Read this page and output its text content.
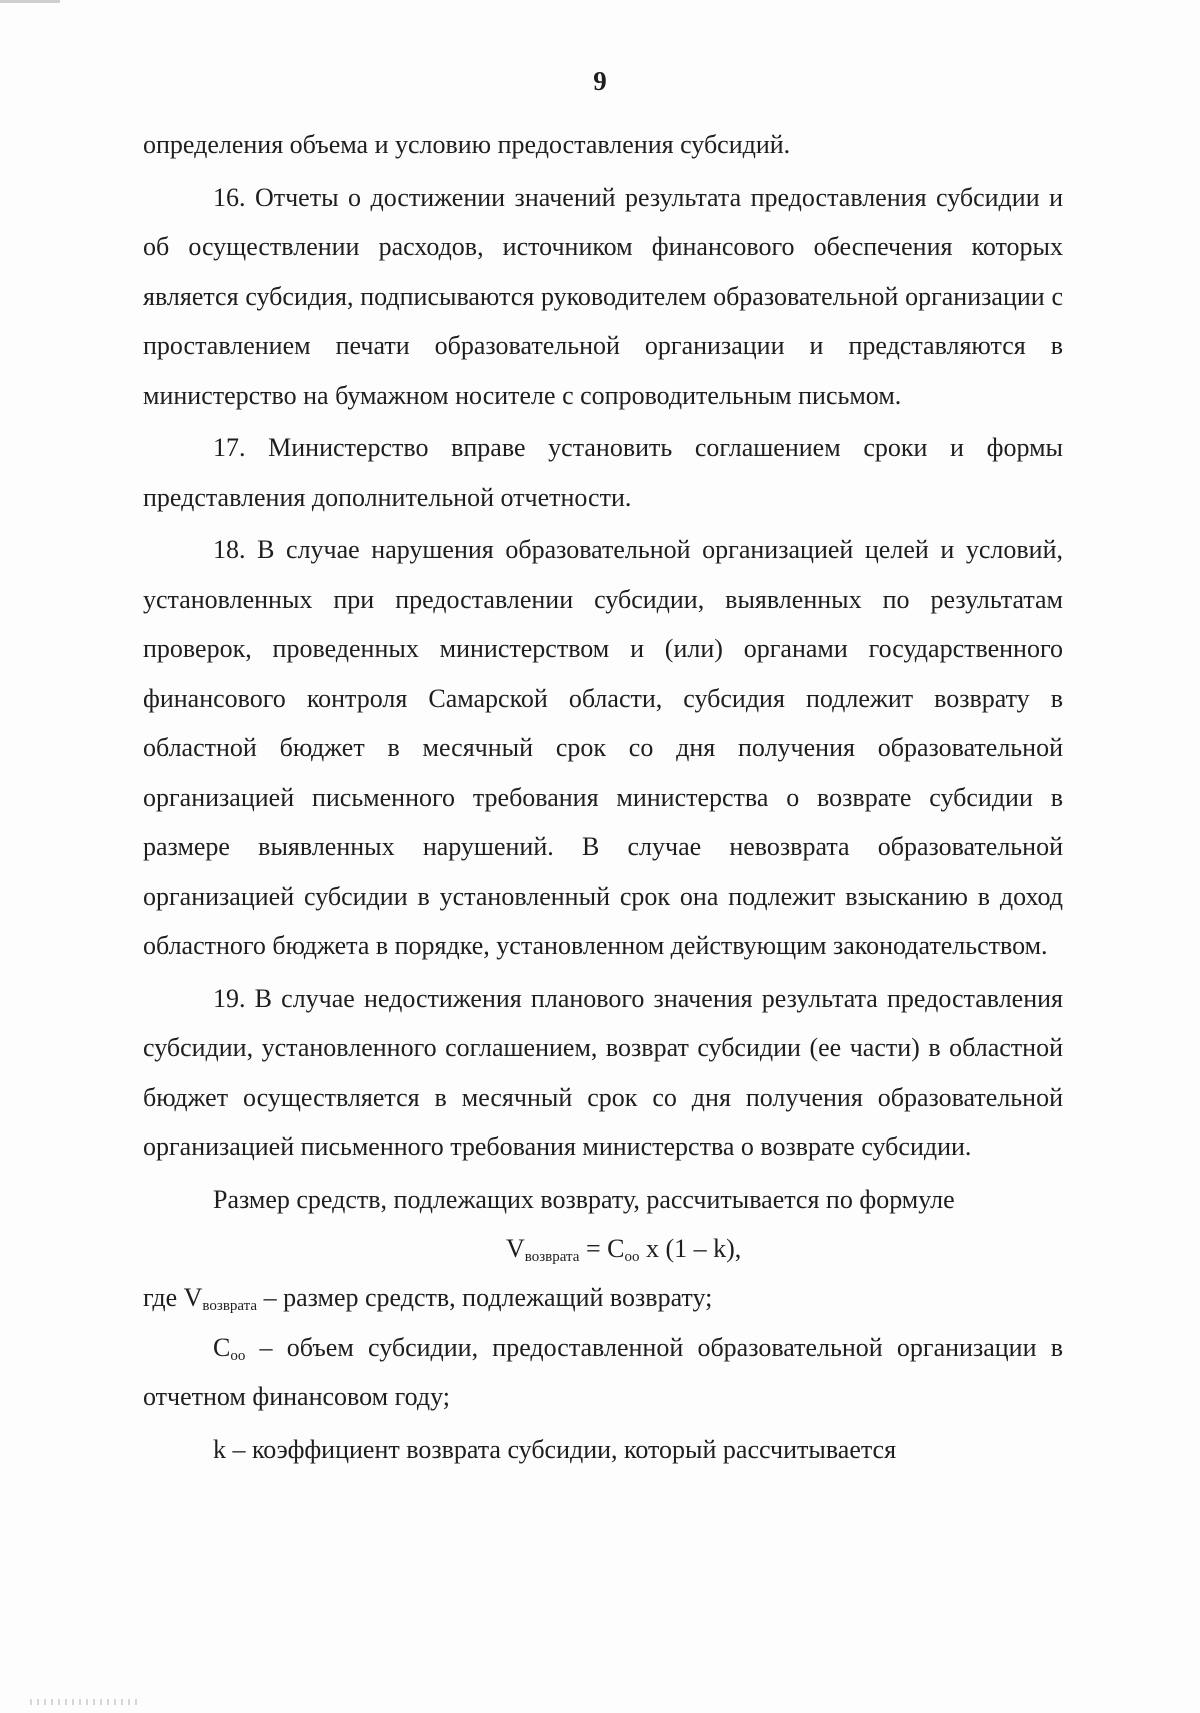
9

определения объема и условию предоставления субсидий.

16. Отчеты о достижении значений результата предоставления субсидии и об осуществлении расходов, источником финансового обеспечения которых является субсидия, подписываются руководителем образовательной организации с проставлением печати образовательной организации и представляются в министерство на бумажном носителе с сопроводительным письмом.

17. Министерство вправе установить соглашением сроки и формы представления дополнительной отчетности.

18. В случае нарушения образовательной организацией целей и условий, установленных при предоставлении субсидии, выявленных по результатам проверок, проведенных министерством и (или) органами государственного финансового контроля Самарской области, субсидия подлежит возврату в областной бюджет в месячный срок со дня получения образовательной организацией письменного требования министерства о возврате субсидии в размере выявленных нарушений. В случае невозврата образовательной организацией субсидии в установленный срок она подлежит взысканию в доход областного бюджета в порядке, установленном действующим законодательством.

19. В случае недостижения планового значения результата предоставления субсидии, установленного соглашением, возврат субсидии (ее части) в областной бюджет осуществляется в месячный срок со дня получения образовательной организацией письменного требования министерства о возврате субсидии.

Размер средств, подлежащих возврату, рассчитывается по формуле

$V_{возврата} = C_{оо}$ x (1 – k),

где $V_{возврата}$ – размер средств, подлежащий возврату;

$C_{оо}$ – объем субсидии, предоставленной образовательной организации в отчетном финансовом году;

k – коэффициент возврата субсидии, который рассчитывается
